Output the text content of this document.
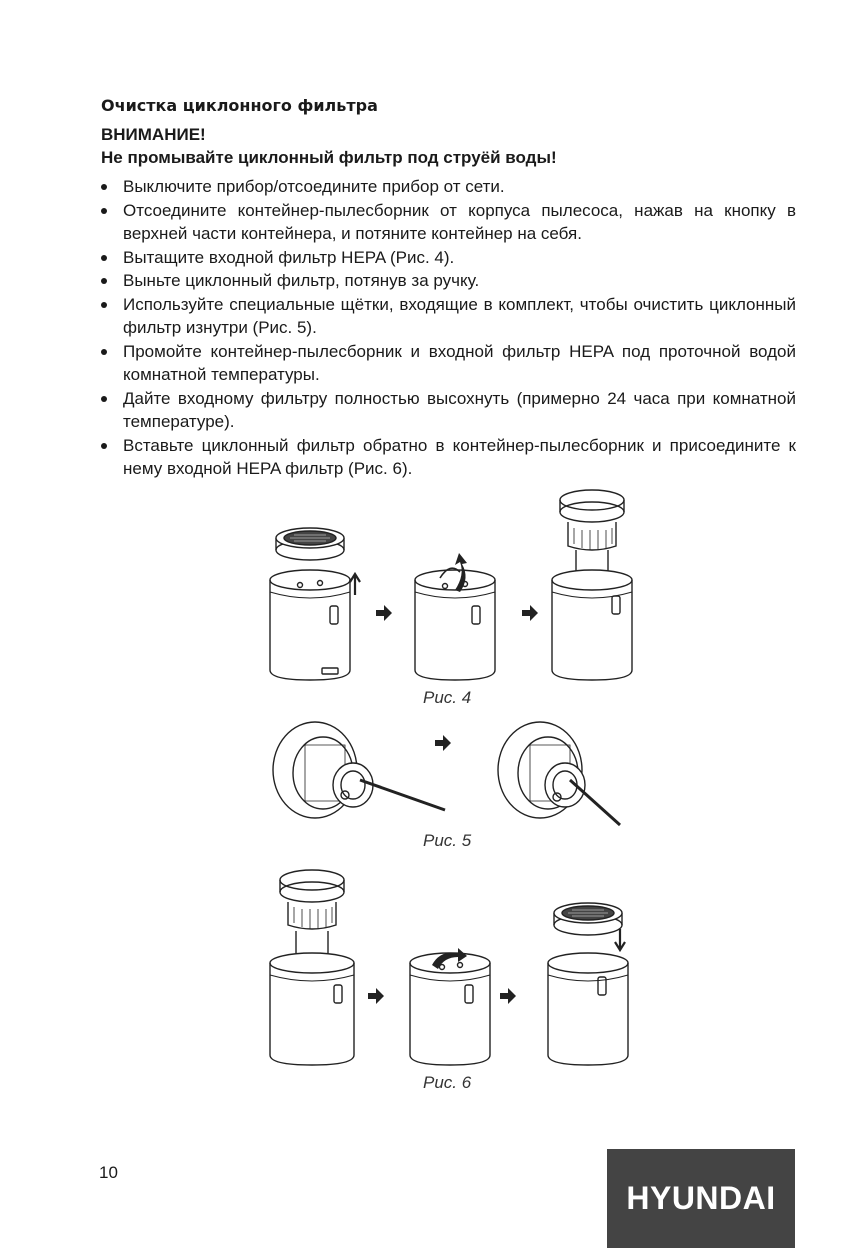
Очистка циклонного фильтра
ВНИМАНИЕ!
Не промывайте циклонный фильтр под струёй воды!
Выключите прибор/отсоедините прибор от сети.
Отсоедините контейнер-пылесборник от корпуса пылесоса, нажав на кнопку в верхней части контейнера, и потяните контейнер на себя.
Вытащите входной фильтр HEPA (Рис. 4).
Выньте циклонный фильтр, потянув за ручку.
Используйте специальные щётки, входящие в комплект, чтобы очистить циклонный фильтр изнутри (Рис. 5).
Промойте контейнер-пылесборник и входной фильтр HEPA под проточной водой комнатной температуры.
Дайте входному фильтру полностью высохнуть (примерно 24 часа при комнатной температуре).
Вставьте циклонный фильтр обратно в контейнер-пылесборник и присоедините к нему входной HEPA фильтр (Рис. 6).
Рис. 4
Рис. 5
Рис. 6
10
HYUNDAI
